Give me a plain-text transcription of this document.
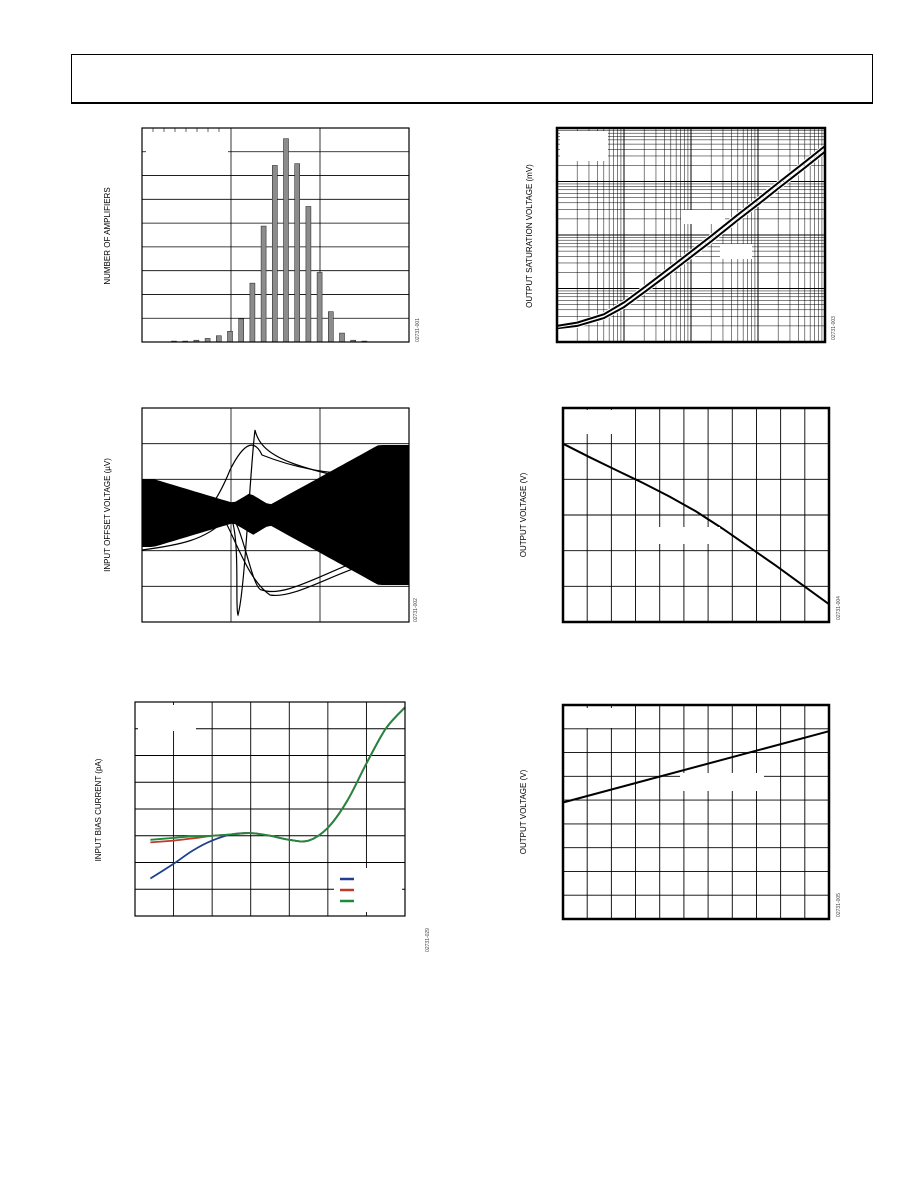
NUMBER OF AMPLIFIERS
02731-001
OUTPUT SATURATION VOLTAGE (mV)
02731-003
INPUT OFFSET VOLTAGE (µV)
02731-002
OUTPUT VOLTAGE (V)
02731-004
INPUT BIAS CURRENT (pA)
02731-029
OUTPUT VOLTAGE (V)
02731-005
